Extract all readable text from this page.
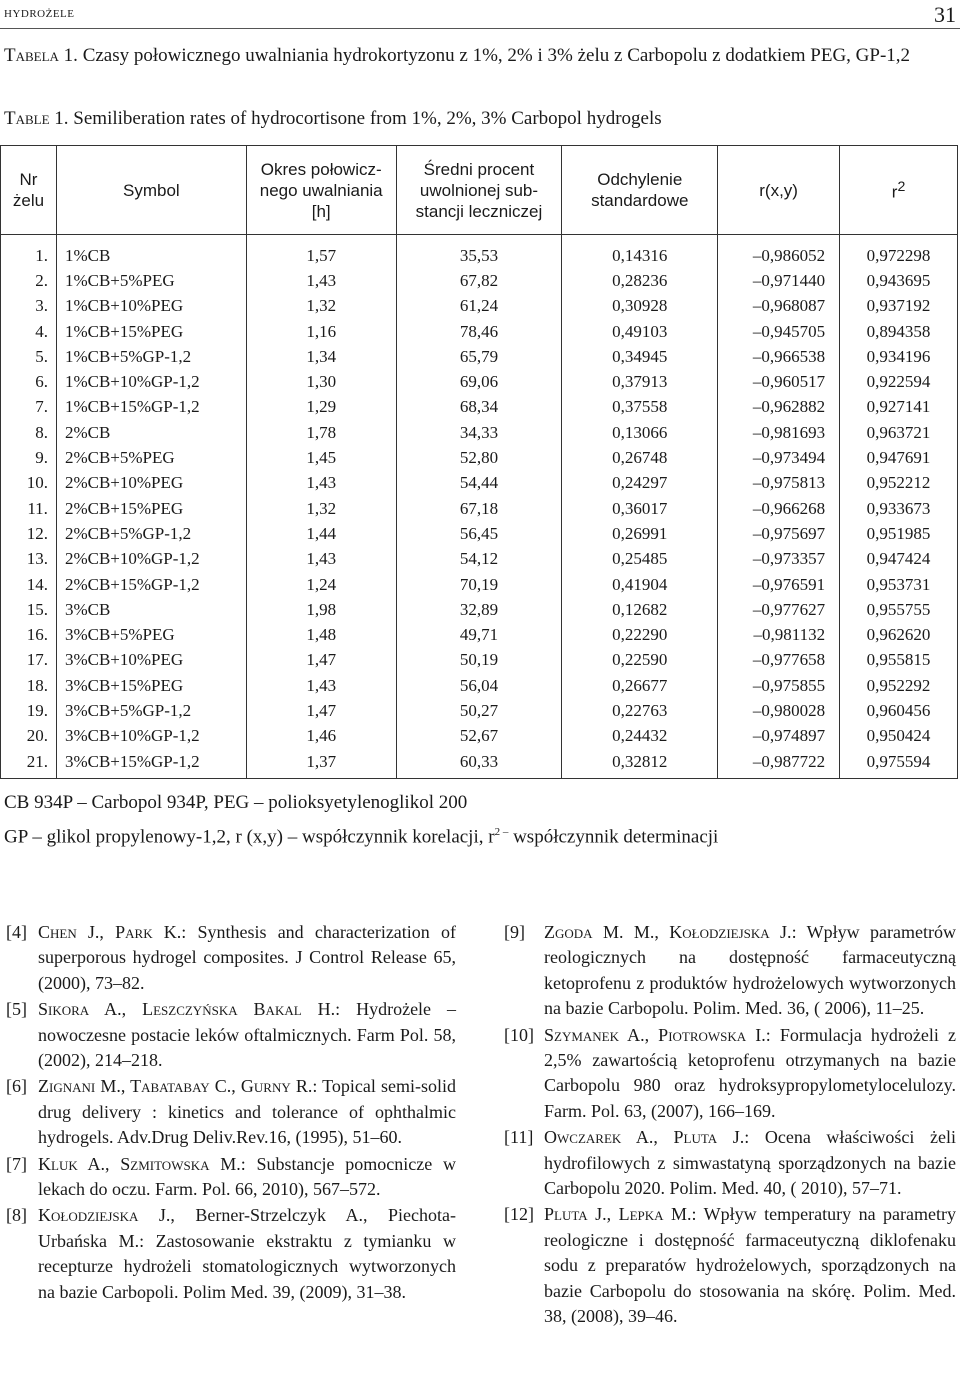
hydrożele	31
Tabela 1. Czasy połowicznego uwalniania hydrokortyzonu z 1%, 2% i 3% żelu z Carbopolu z dodatkiem PEG, GP-1,2
Table 1. Semiliberation rates of hydrocortisone from 1%, 2%, 3% Carbopol hydrogels
Nr żelu	Symbol	Okres połowicz-nego uwalniania [h]	Średni procent uwolnionej sub-stancji leczniczej	Odchylenie standardowe	r(x,y)	$r^2$
1.	1%CB	1,57	35,53	0,14316	–0,986052	0,972298
2.	1%CB+5%PEG	1,43	67,82	0,28236	–0,971440	0,943695
3.	1%CB+10%PEG	1,32	61,24	0,30928	–0,968087	0,937192
4.	1%CB+15%PEG	1,16	78,46	0,49103	–0,945705	0,894358
5.	1%CB+5%GP-1,2	1,34	65,79	0,34945	–0,966538	0,934196
6.	1%CB+10%GP-1,2	1,30	69,06	0,37913	–0,960517	0,922594
7.	1%CB+15%GP-1,2	1,29	68,34	0,37558	–0,962882	0,927141
8.	2%CB	1,78	34,33	0,13066	–0,981693	0,963721
9.	2%CB+5%PEG	1,45	52,80	0,26748	–0,973494	0,947691
10.	2%CB+10%PEG	1,43	54,44	0,24297	–0,975813	0,952212
11.	2%CB+15%PEG	1,32	67,18	0,36017	–0,966268	0,933673
12.	2%CB+5%GP-1,2	1,44	56,45	0,26991	–0,975697	0,951985
13.	2%CB+10%GP-1,2	1,43	54,12	0,25485	–0,973357	0,947424
14.	2%CB+15%GP-1,2	1,24	70,19	0,41904	–0,976591	0,953731
15.	3%CB	1,98	32,89	0,12682	–0,977627	0,955755
16.	3%CB+5%PEG	1,48	49,71	0,22290	–0,981132	0,962620
17.	3%CB+10%PEG	1,47	50,19	0,22590	–0,977658	0,955815
18.	3%CB+15%PEG	1,43	56,04	0,26677	–0,975855	0,952292
19.	3%CB+5%GP-1,2	1,47	50,27	0,22763	–0,980028	0,960456
20.	3%CB+10%GP-1,2	1,46	52,67	0,24432	–0,974897	0,950424
21.	3%CB+15%GP-1,2	1,37	60,33	0,32812	–0,987722	0,975594
CB 934P – Carbopol 934P, PEG – polioksyetylenoglikol 200
GP – glikol propylenowy-1,2, r (x,y) – współczynnik korelacji, $r^{2 -}$ współczynnik determinacji
[4] Chen J., Park K.: Synthesis and characterization of superporous hydrogel composites. J Control Release 65, (2000), 73–82.
[5] Sikora A., Leszczyńska Bakal H.: Hydrożele – nowoczesne postacie leków oftalmicznych. Farm Pol. 58, (2002), 214–218.
[6] Zignani M., Tabatabay C., Gurny R.: Topical semi-solid drug delivery : kinetics and tolerance of ophthalmic hydrogels. Adv.Drug Deliv.Rev.16, (1995), 51–60.
[7] Kluk A., Szmitowska M.: Substancje pomocnicze w lekach do oczu. Farm. Pol. 66, 2010), 567–572.
[8] Kołodziejska J., Berner-Strzelczyk A., Piechota-Urbańska M.: Zastosowanie ekstraktu z tymianku w recepturze hydrożeli stomatologicznych wytworzonych na bazie Carbopoli. Polim Med. 39, (2009), 31–38.
[9] Zgoda M. M., Kołodziejska J.: Wpływ parametrów reologicznych na dostępność farmaceutyczną ketoprofenu z produktów hydrożelowych wytworzonych na bazie Carbopolu. Polim. Med. 36, ( 2006), 11–25.
[10] Szymanek A., Piotrowska I.: Formulacja hydrożeli z 2,5% zawartością ketoprofenu otrzymanych na bazie Carbopolu 980 oraz hydroksypropylometylocelulozy. Farm. Pol. 63, (2007), 166–169.
[11] Owczarek A., Pluta J.: Ocena właściwości żeli hydrofilowych z simwastatyną sporządzonych na bazie Carbopolu 2020. Polim. Med. 40, ( 2010), 57–71.
[12] Pluta J., Lepka M.: Wpływ temperatury na parametry reologiczne i dostępność farmaceutyczną diklofenaku sodu z preparatów hydrożelowych, sporządzonych na bazie Carbopolu do stosowania na skórę. Polim. Med. 38, (2008), 39–46.
